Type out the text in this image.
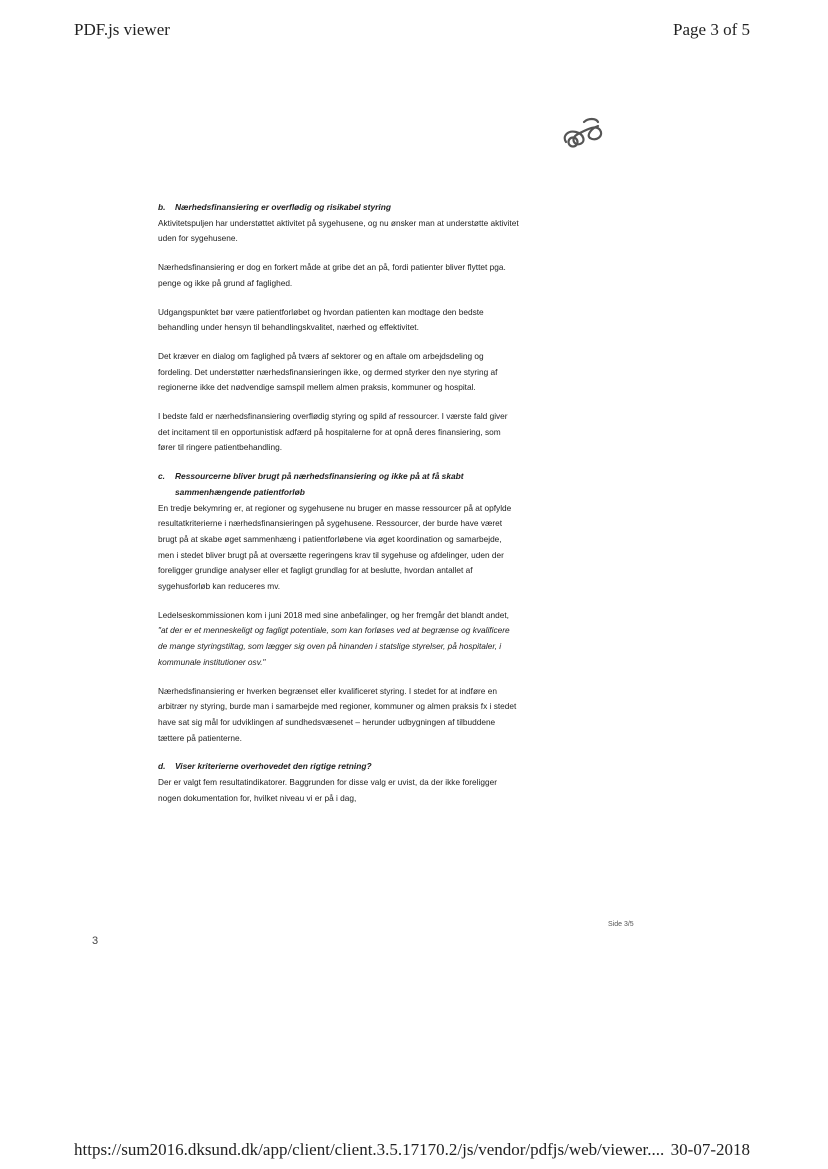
PDF.js viewer	Page 3 of 5
b. Nærhedsfinansiering er overflødig og risikabel styring

Aktivitetspuljen har understøttet aktivitet på sygehusene, og nu ønsker man at understøtte aktivitet uden for sygehusene.

Nærhedsfinansiering er dog en forkert måde at gribe det an på, fordi patienter bliver flyttet pga. penge og ikke på grund af faglighed.

Udgangspunktet bør være patientforløbet og hvordan patienten kan modtage den bedste behandling under hensyn til behandlingskvalitet, nærhed og effektivitet.

Det kræver en dialog om faglighed på tværs af sektorer og en aftale om arbejdsdeling og fordeling. Det understøtter nærhedsfinansieringen ikke, og dermed styrker den nye styring af regionerne ikke det nødvendige samspil mellem almen praksis, kommuner og hospital.

I bedste fald er nærhedsfinansiering overflødig styring og spild af ressourcer. I værste fald giver det incitament til en opportunistisk adfærd på hospitalerne for at opnå deres finansiering, som fører til ringere patientbehandling.

c. Ressourcerne bliver brugt på nærhedsfinansiering og ikke på at få skabt sammenhængende patientforløb

En tredje bekymring er, at regioner og sygehusene nu bruger en masse ressourcer på at opfylde resultatkriterierne i nærhedsfinansieringen på sygehusene. Ressourcer, der burde have været brugt på at skabe øget sammenhæng i patientforløbene via øget koordination og samarbejde, men i stedet bliver brugt på at oversætte regeringens krav til sygehuse og afdelinger, uden der foreligger grundige analyser eller et fagligt grundlag for at beslutte, hvordan antallet af sygehusforløb kan reduceres mv.

Ledelseskommissionen kom i juni 2018 med sine anbefalinger, og her fremgår det blandt andet, "at der er et menneskeligt og fagligt potentiale, som kan forløses ved at begrænse og kvalificere de mange styringstiltag, som lægger sig oven på hinanden i statslige styrelser, på hospitaler, i kommunale institutioner osv."

Nærhedsfinansiering er hverken begrænset eller kvalificeret styring. I stedet for at indføre en arbitrær ny styring, burde man i samarbejde med regioner, kommuner og almen praksis fx i stedet have sat sig mål for udviklingen af sundhedsvæsenet – herunder udbygningen af tilbuddene tættere på patienterne.

d. Viser kriterierne overhovedet den rigtige retning?

Der er valgt fem resultatindikatorer. Baggrunden for disse valg er uvist, da der ikke foreligger nogen dokumentation for, hvilket niveau vi er på i dag,

Side 3/5
3
https://sum2016.dksund.dk/app/client/client.3.5.17170.2/js/vendor/pdfjs/web/viewer.... 30-07-2018
